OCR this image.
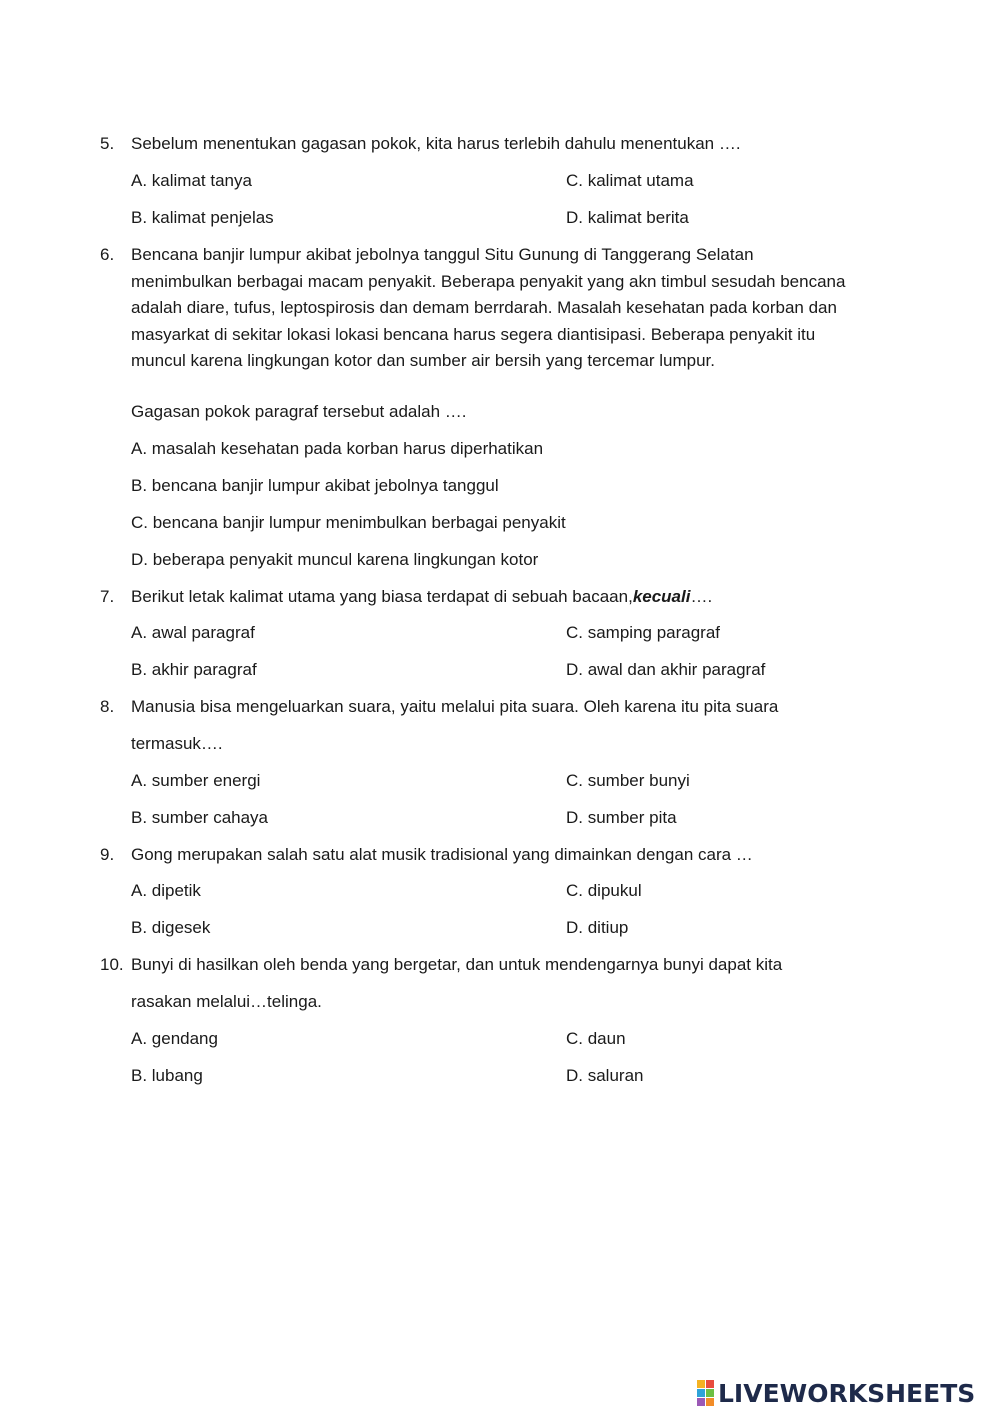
5. Sebelum menentukan gagasan pokok, kita harus terlebih dahulu menentukan ….
A. kalimat tanya	C. kalimat utama
B. kalimat penjelas	D. kalimat berita
6. Bencana banjir lumpur akibat jebolnya tanggul Situ Gunung di Tanggerang Selatan
menimbulkan berbagai macam penyakit. Beberapa penyakit yang akn timbul sesudah bencana
adalah diare, tufus, leptospirosis dan demam berrdarah. Masalah kesehatan pada korban dan
masyarkat di sekitar lokasi lokasi bencana harus segera diantisipasi. Beberapa penyakit itu
muncul karena lingkungan kotor dan sumber air bersih yang tercemar lumpur.
Gagasan pokok paragraf tersebut adalah ….
A. masalah kesehatan pada korban harus diperhatikan
B. bencana banjir lumpur akibat jebolnya tanggul
C. bencana banjir lumpur menimbulkan berbagai penyakit
D. beberapa penyakit muncul karena lingkungan kotor
7. Berikut letak kalimat utama yang biasa terdapat di sebuah bacaan,kecuali….
A. awal paragraf	C. samping paragraf
B. akhir paragraf	D. awal dan akhir paragraf
8. Manusia bisa mengeluarkan suara, yaitu melalui pita suara. Oleh karena itu pita suara
termasuk….
A. sumber energi	C. sumber bunyi
B. sumber cahaya	D. sumber pita
9. Gong merupakan salah satu alat musik tradisional yang dimainkan dengan cara …
A. dipetik	C. dipukul
B. digesek	D. ditiup
10. Bunyi di hasilkan oleh benda yang bergetar, dan untuk mendengarnya bunyi dapat kita
rasakan melalui…telinga.
A. gendang	C. daun
B. lubang	D. saluran
LIVEWORKSHEETS
